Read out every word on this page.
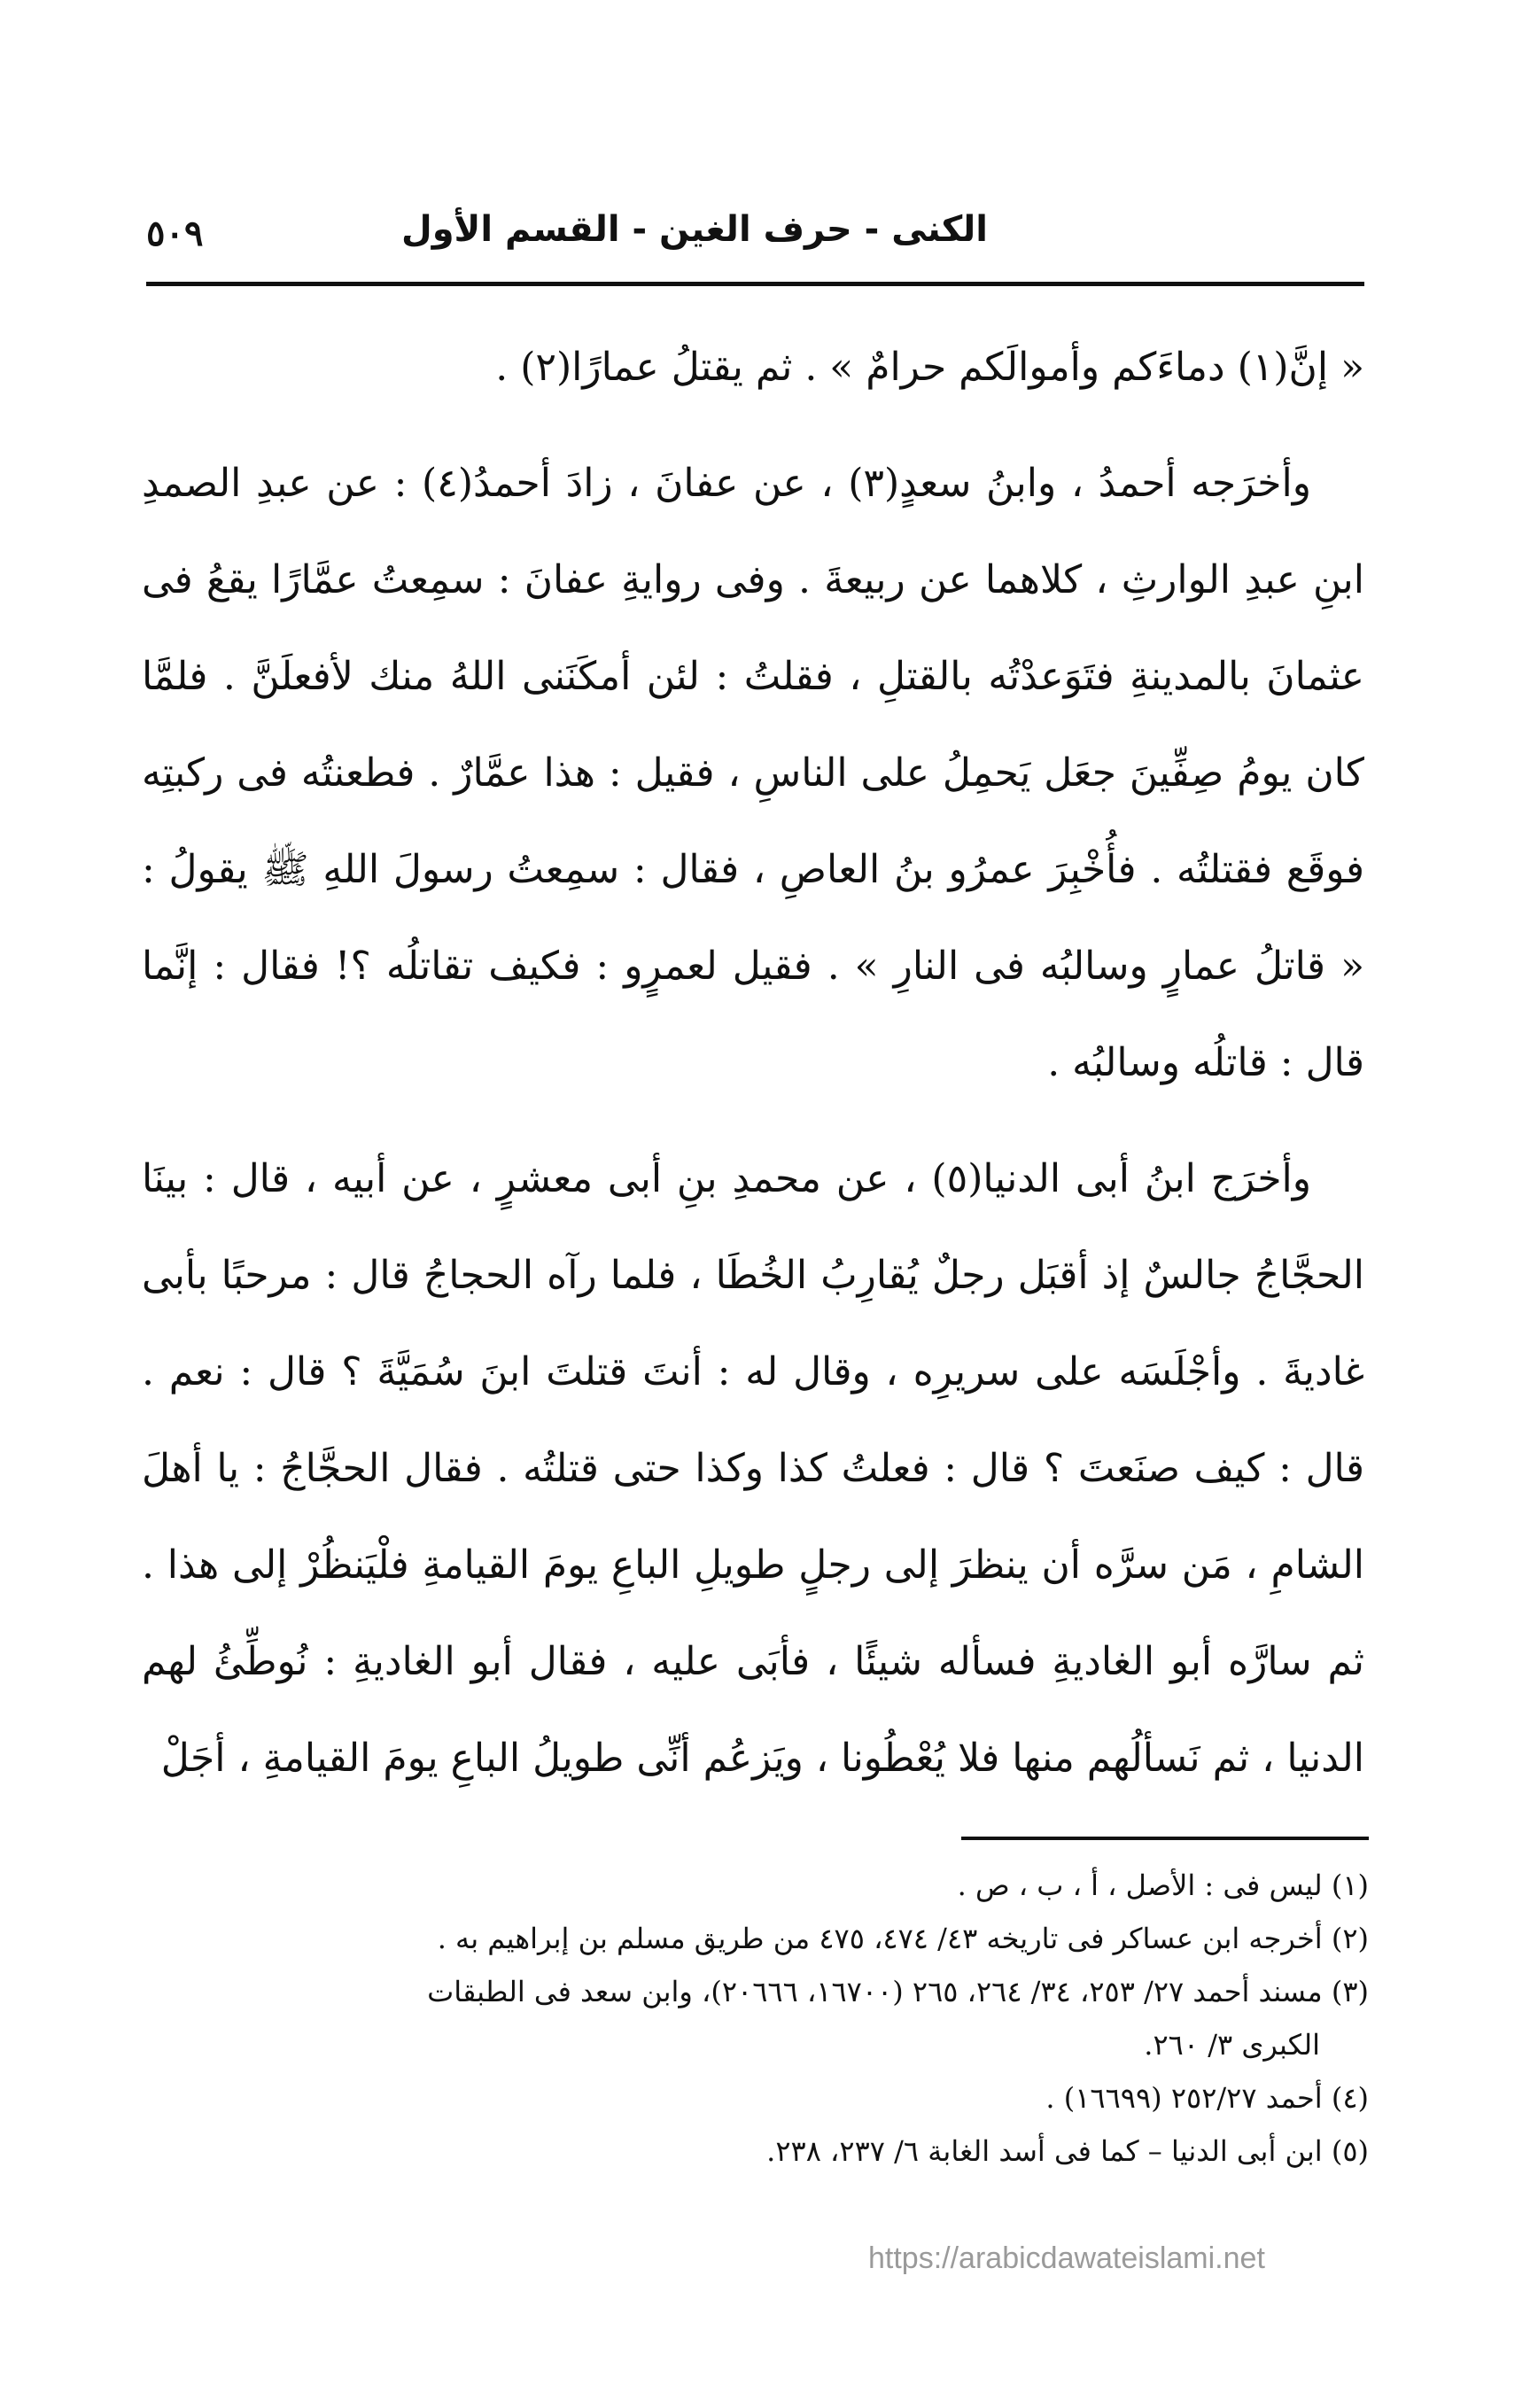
٥٠٩	الكنى - حرف الغين - القسم الأول

« إنَّ(١) دماءَكم وأموالَكم حرامٌ » . ثم يقتلُ عمارًا(٢) .

وأخرَجه أحمدُ ، وابنُ سعدٍ(٣) ، عن عفانَ ، زادَ أحمدُ(٤) : عن عبدِ الصمدِ ابنِ عبدِ الوارثِ ، كلاهما عن ربيعةَ . وفى روايةِ عفانَ : سمِعتُ عمَّارًا يقعُ فى عثمانَ بالمدينةِ فتَوَعدْتُه بالقتلِ ، فقلتُ : لئن أمكَنَنى اللهُ منك لأفعلَنَّ . فلمَّا كان يومُ صِفِّينَ جعَل يَحمِلُ على الناسِ ، فقيل : هذا عمَّارٌ . فطعنتُه فى ركبتِه فوقَع فقتلتُه . فأُخْبِرَ عمرُو بنُ العاصِ ، فقال : سمِعتُ رسولَ اللهِ ﷺ يقولُ : « قاتلُ عمارٍ وسالبُه فى النارِ » . فقيل لعمرٍو : فكيف تقاتلُه ؟! فقال : إنَّما قال : قاتلُه وسالبُه .

وأخرَج ابنُ أبى الدنيا(٥) ، عن محمدِ بنِ أبى معشرٍ ، عن أبيه ، قال : بينَا الحجَّاجُ جالسٌ إذ أقبَل رجلٌ يُقارِبُ الخُطَا ، فلما رآه الحجاجُ قال : مرحبًا بأبى غاديةَ . وأجْلَسَه على سريرِه ، وقال له : أنتَ قتلتَ ابنَ سُمَيَّةَ ؟ قال : نعم . قال : كيف صنَعتَ ؟ قال : فعلتُ كذا وكذا حتى قتلتُه . فقال الحجَّاجُ : يا أهلَ الشامِ ، مَن سرَّه أن ينظرَ إلى رجلٍ طويلِ الباعِ يومَ القيامةِ فلْيَنظُرْ إلى هذا . ثم سارَّه أبو الغاديةِ فسأله شيئًا ، فأبَى عليه ، فقال أبو الغاديةِ : نُوطِّئُ لهم الدنيا ، ثم نَسألُهم منها فلا يُعْطُونا ، ويَزعُم أنِّى طويلُ الباعِ يومَ القيامةِ ، أجَلْ

(١) ليس فى : الأصل ، أ ، ب ، ص .

(٢) أخرجه ابن عساكر فى تاريخه ٤٣/ ٤٧٤، ٤٧٥ من طريق مسلم بن إبراهيم به .

(٣) مسند أحمد ٢٧/ ٢٥٣، ٣٤/ ٢٦٤، ٢٦٥ (١٦٧٠٠، ٢٠٦٦٦)، وابن سعد فى الطبقات

الكبرى ٣/ ٢٦٠.

(٤) أحمد ٢٥٢/٢٧ (١٦٦٩٩) .

(٥) ابن أبى الدنيا – كما فى أسد الغابة ٦/ ٢٣٧، ٢٣٨.

https://arabicdawateislami.net
